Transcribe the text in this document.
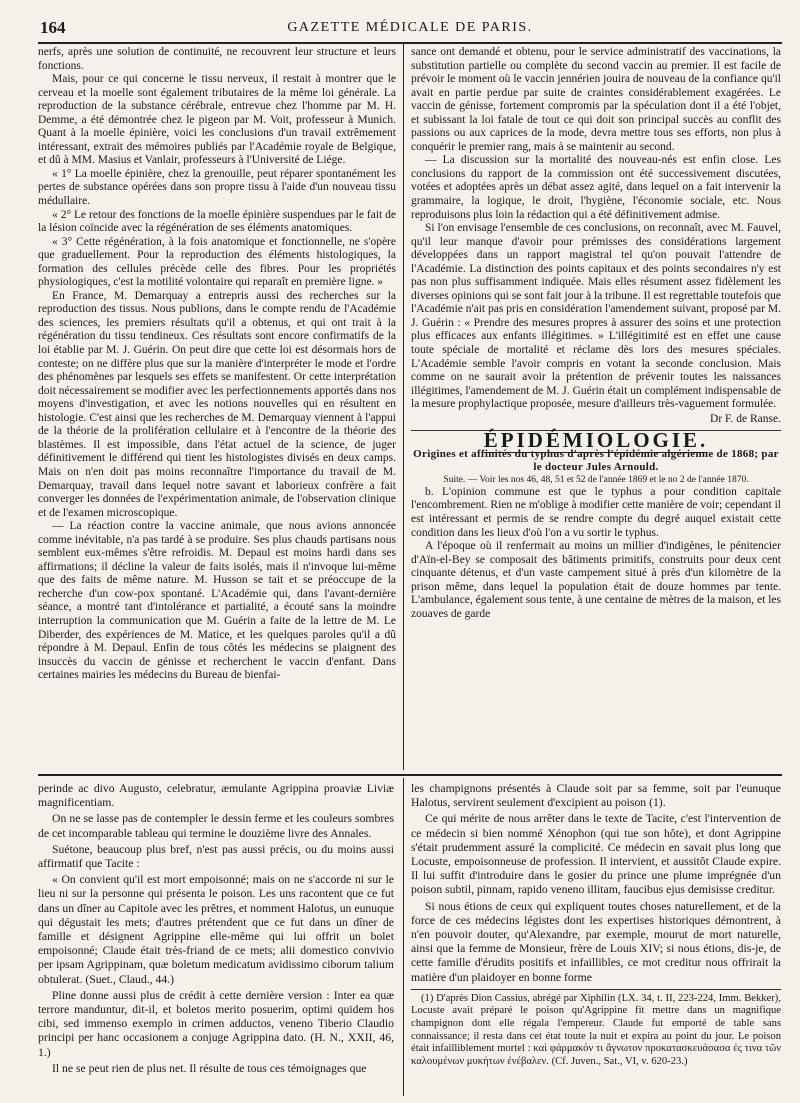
164	GAZETTE MÉDICALE DE PARIS.

nerfs, après une solution de continuité, ne recouvrent leur structure et leurs fonctions.

Mais, pour ce qui concerne le tissu nerveux, il restait à montrer que le cerveau et la moelle sont également tributaires de la même loi générale. La reproduction de la substance cérébrale, entrevue chez l'homme par M. H. Demme, a été démontrée chez le pigeon par M. Voit, professeur à Munich. Quant à la moelle épinière, voici les conclusions d'un travail extrêmement intéressant, extrait des mémoires publiés par l'Académie royale de Belgique, et dû à MM. Masius et Vanlair, professeurs à l'Université de Liége.

« 1° La moelle épinière, chez la grenouille, peut réparer spontanément les pertes de substance opérées dans son propre tissu à l'aide d'un nouveau tissu médullaire.

« 2° Le retour des fonctions de la moelle épinière suspendues par le fait de la lésion coïncide avec la régénération de ses éléments anatomiques.

« 3° Cette régénération, à la fois anatomique et fonctionnelle, ne s'opère que graduellement. Pour la reproduction des éléments histologiques, la formation des cellules précède celle des fibres. Pour les propriétés physiologiques, c'est la motilité volontaire qui reparaît en première ligne. »

En France, M. Demarquay a entrepris aussi des recherches sur la reproduction des tissus. Nous publions, dans le compte rendu de l'Académie des sciences, les premiers résultats qu'il a obtenus, et qui ont trait à la régénération du tissu tendineux. Ces résultats sont encore confirmatifs de la loi établie par M. J. Guérin. On peut dire que cette loi est désormais hors de conteste; on ne diffère plus que sur la manière d'interpréter le mode et l'ordre des phénomènes par lesquels ses effets se manifestent. Or cette interprétation doit nécessairement se modifier avec les perfectionnements apportés dans nos moyens d'investigation, et avec les notions nouvelles qui en résultent en histologie. C'est ainsi que les recherches de M. Demarquay viennent à l'appui de la théorie de la prolifération cellulaire et à l'encontre de la théorie des blastèmes. Il est impossible, dans l'état actuel de la science, de juger définitivement le différend qui tient les histologistes divisés en deux camps. Mais on n'en doit pas moins reconnaître l'importance du travail de M. Demarquay, travail dans lequel notre savant et laborieux confrère a fait converger les données de l'expérimentation animale, de l'observation clinique et de l'examen microscopique.

— La réaction contre la vaccine animale, que nous avions annoncée comme inévitable, n'a pas tardé à se produire. Ses plus chauds partisans nous semblent eux-mêmes s'être refroidis. M. Depaul est moins hardi dans ses affirmations; il décline la valeur de faits isolés, mais il n'invoque lui-même que des faits de même nature. M. Husson se tait et se préoccupe de la recherche d'un cow-pox spontané. L'Académie qui, dans l'avant-dernière séance, a montré tant d'intolérance et partialité, a écouté sans la moindre interruption la communication que M. Guérin a faite de la lettre de M. Le Diberder, des expériences de M. Matice, et les quelques paroles qu'il a dû répondre à M. Depaul. Enfin de tous côtés les médecins se plaignent des insuccès du vaccin de génisse et recherchent le vaccin d'enfant. Dans certaines mairies les médecins du Bureau de bienfai-

sance ont demandé et obtenu, pour le service administratif des vaccinations, la substitution partielle ou complète du second vaccin au premier. Il est facile de prévoir le moment où le vaccin jennérien jouira de nouveau de la confiance qu'il avait en partie perdue par suite de craintes considérablement exagérées. Le vaccin de génisse, fortement compromis par la spéculation dont il a été l'objet, et subissant la loi fatale de tout ce qui doit son principal succès au conflit des passions ou aux caprices de la mode, devra mettre tous ses efforts, non plus à conquérir le premier rang, mais à se maintenir au second.

— La discussion sur la mortalité des nouveau-nés est enfin close. Les conclusions du rapport de la commission ont été successivement discutées, votées et adoptées après un débat assez agité, dans lequel on a fait intervenir la grammaire, la logique, le droit, l'hygiène, l'économie sociale, etc. Nous reproduisons plus loin la rédaction qui a été définitivement admise.

Si l'on envisage l'ensemble de ces conclusions, on reconnaît, avec M. Fauvel, qu'il leur manque d'avoir pour prémisses des considérations largement développées dans un rapport magistral tel qu'on pouvait l'attendre de l'Académie. La distinction des points capitaux et des points secondaires n'y est pas non plus suffisamment indiquée. Mais elles résument assez fidèlement les diverses opinions qui se sont fait jour à la tribune. Il est regrettable toutefois que l'Académie n'ait pas pris en considération l'amendement suivant, proposé par M. J. Guérin : « Prendre des mesures propres à assurer des soins et une protection plus efficaces aux enfants illégitimes. » L'illégitimité est en effet une cause toute spéciale de mortalité et réclame dès lors des mesures spéciales. L'Académie semble l'avoir compris en votant la seconde conclusion. Mais comme on ne saurait avoir la prétention de prévenir toutes les naissances illégitimes, l'amendement de M. J. Guérin était un complément indispensable de la mesure prophylactique proposée, mesure d'ailleurs très-vaguement formulée.

Dr F. de Ranse.

ÉPIDÉMIOLOGIE.

Origines et affinités du typhus d'après l'épidémie algérienne de 1868; par le docteur Jules Arnould.

Suite. — Voir les nos 46, 48, 51 et 52 de l'année 1869 et le no 2 de l'année 1870.

b. L'opinion commune est que le typhus a pour condition capitale l'encombrement. Rien ne m'oblige à modifier cette manière de voir; cependant il est intéressant et permis de se rendre compte du degré auquel existait cette condition dans les lieux d'où l'on a vu sortir le typhus.

A l'époque où il renfermait au moins un millier d'indigènes, le pénitencier d'Aïn-el-Bey se composait des bâtiments primitifs, construits pour deux cent cinquante détenus, et d'un vaste campement situé à près d'un kilomètre de la prison même, dans lequel la population était de douze hommes par tente. L'ambulance, également sous tente, à une centaine de mètres de la maison, et les zouaves de garde

perinde ac divo Augusto, celebratur, æmulante Agrippina proaviæ Liviæ magnificentiam.

On ne se lasse pas de contempler le dessin ferme et les couleurs sombres de cet incomparable tableau qui termine le douzième livre des Annales.

Suétone, beaucoup plus bref, n'est pas aussi précis, ou du moins aussi affirmatif que Tacite :

« On convient qu'il est mort empoisonné; mais on ne s'accorde ni sur le lieu ni sur la personne qui présenta le poison. Les uns racontent que ce fut dans un dîner au Capitole avec les prêtres, et nomment Halotus, un eunuque qui dégustait les mets; d'autres prétendent que ce fut dans un dîner de famille et désignent Agrippine elle-même qui lui offrit un bolet empoisonné; Claude était très-friand de ce mets; alii domestico convivio per ipsam Agrippinam, quæ boletum medicatum avidissimo ciborum talium obtulerat. (Suet., Claud., 44.)

Pline donne aussi plus de crédit à cette dernière version : Inter ea quæ terrore manduntur, dit-il, et boletos merito posuerim, optimi quidem hos cibi, sed immenso exemplo in crimen adductos, veneno Tiberio Claudio principi per hanc occasionem a conjuge Agrippina dato. (H. N., XXII, 46, 1.)

Il ne se peut rien de plus net. Il résulte de tous ces témoignages que

les champignons présentés à Claude soit par sa femme, soit par l'eunuque Halotus, servirent seulement d'excipient au poison (1).

Ce qui mérite de nous arrêter dans le texte de Tacite, c'est l'intervention de ce médecin si bien nommé Xénophon (qui tue son hôte), et dont Agrippine s'était prudemment assuré la complicité. Ce médecin en savait plus long que Locuste, empoisonneuse de profession. Il intervient, et aussitôt Claude expire. Il lui suffit d'introduire dans le gosier du prince une plume imprégnée d'un poison subtil, pinnam, rapido veneno illitam, faucibus ejus demisisse creditur.

Si nous étions de ceux qui expliquent toutes choses naturellement, et de la force de ces médecins légistes dont les expertises historiques démontrent, à n'en pouvoir douter, qu'Alexandre, par exemple, mourut de mort naturelle, ainsi que la femme de Monsieur, frère de Louis XIV; si nous étions, dis-je, de cette famille d'érudits positifs et infaillibles, ce mot creditur nous offrirait la matière d'un plaidoyer en bonne forme

(1) D'après Dion Cassius, abrégé par Xiphilin (LX. 34, t. II, 223-224, Imm. Bekker), Locuste avait préparé le poison qu'Agrippine fit mettre dans un magnifique champignon dont elle régala l'empereur. Claude fut emporté de table sans connaissance; il resta dans cet état toute la nuit et expira au point du jour. Le poison était infailliblement mortel : καὶ φάρμακόν τι ἄγνωτον προκατασκευάσασα ἐς τινα τῶν καλουμένων μυκήτων ἐνέβαλεν. (Cf. Juven., Sat., VI, v. 620-23.)
